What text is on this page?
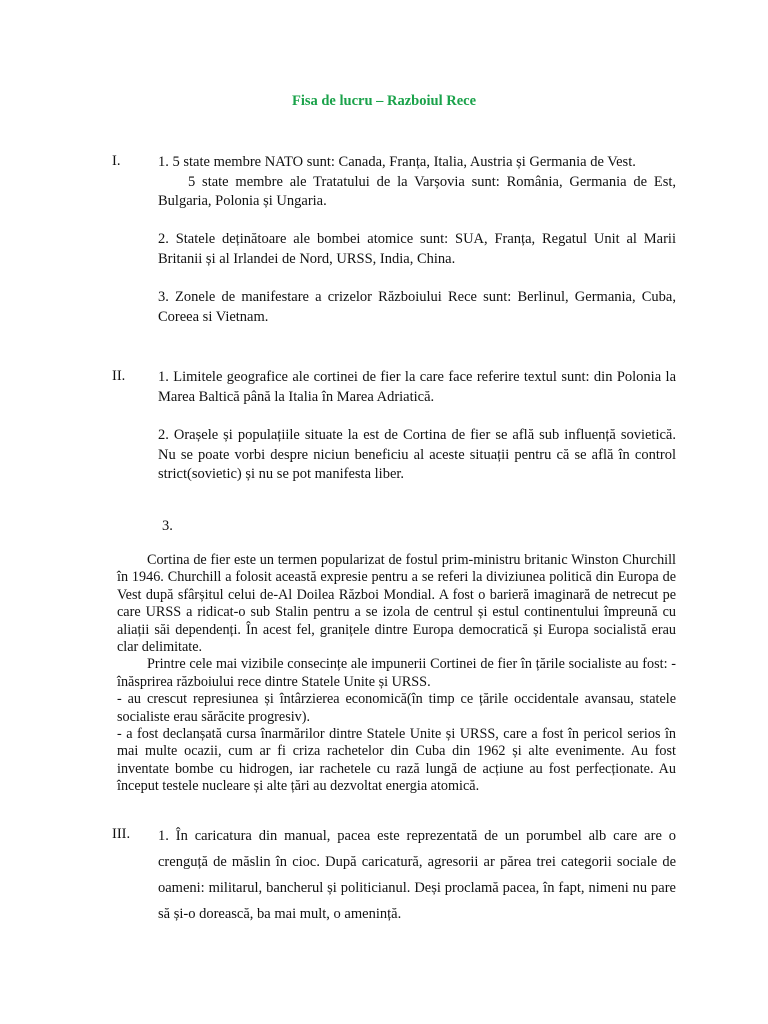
Fisa de lucru – Razboiul Rece
I.	1. 5 state membre NATO sunt: Canada, Franța, Italia, Austria și Germania de Vest.
5 state membre ale Tratatului de la Varșovia sunt: România, Germania de Est, Bulgaria, Polonia și Ungaria.
2. Statele deținătoare ale bombei atomice sunt: SUA, Franța, Regatul Unit al Marii Britanii și al Irlandei de Nord, URSS, India, China.
3. Zonele de manifestare a crizelor Războiului Rece sunt: Berlinul, Germania, Cuba, Coreea si Vietnam.
II. 1. Limitele geografice ale cortinei de fier la care face referire textul sunt: din Polonia la Marea Baltică până la Italia în Marea Adriatică.
2. Orașele și populațiile situate la est de Cortina de fier se află sub influență sovietică. Nu se poate vorbi despre niciun beneficiu al aceste situații pentru că se află în control strict(sovietic) și nu se pot manifesta liber.
3.
Cortina de fier este un termen popularizat de fostul prim-ministru britanic Winston Churchill în 1946. Churchill a folosit această expresie pentru a se referi la diviziunea politică din Europa de Vest după sfârșitul celui de-Al Doilea Război Mondial. A fost o barieră imaginară de netrecut pe care URSS a ridicat-o sub Stalin pentru a se izola de centrul și estul continentului împreună cu aliații săi dependenți. În acest fel, granițele dintre Europa democratică și Europa socialistă erau clar delimitate.
Printre cele mai vizibile consecințe ale impunerii Cortinei de fier în țările socialiste au fost: - înăsprirea războiului rece dintre Statele Unite și URSS.
- au crescut represiunea și întârzierea economică(în timp ce țările occidentale avansau, statele socialiste erau sărăcite progresiv).
- a fost declanșată cursa înarmărilor dintre Statele Unite și URSS, care a fost în pericol serios în mai multe ocazii, cum ar fi criza rachetelor din Cuba din 1962 și alte evenimente. Au fost inventate bombe cu hidrogen, iar rachetele cu rază lungă de acțiune au fost perfecționate. Au început testele nucleare și alte țări au dezvoltat energia atomică.
III. 1. În caricatura din manual, pacea este reprezentată de un porumbel alb care are o crenguță de măslin în cioc. După caricatură, agresorii ar părea trei categorii sociale de oameni: militarul, bancherul și politicianul. Deși proclamă pacea, în fapt, nimeni nu pare să și-o dorească, ba mai mult, o amenință.
